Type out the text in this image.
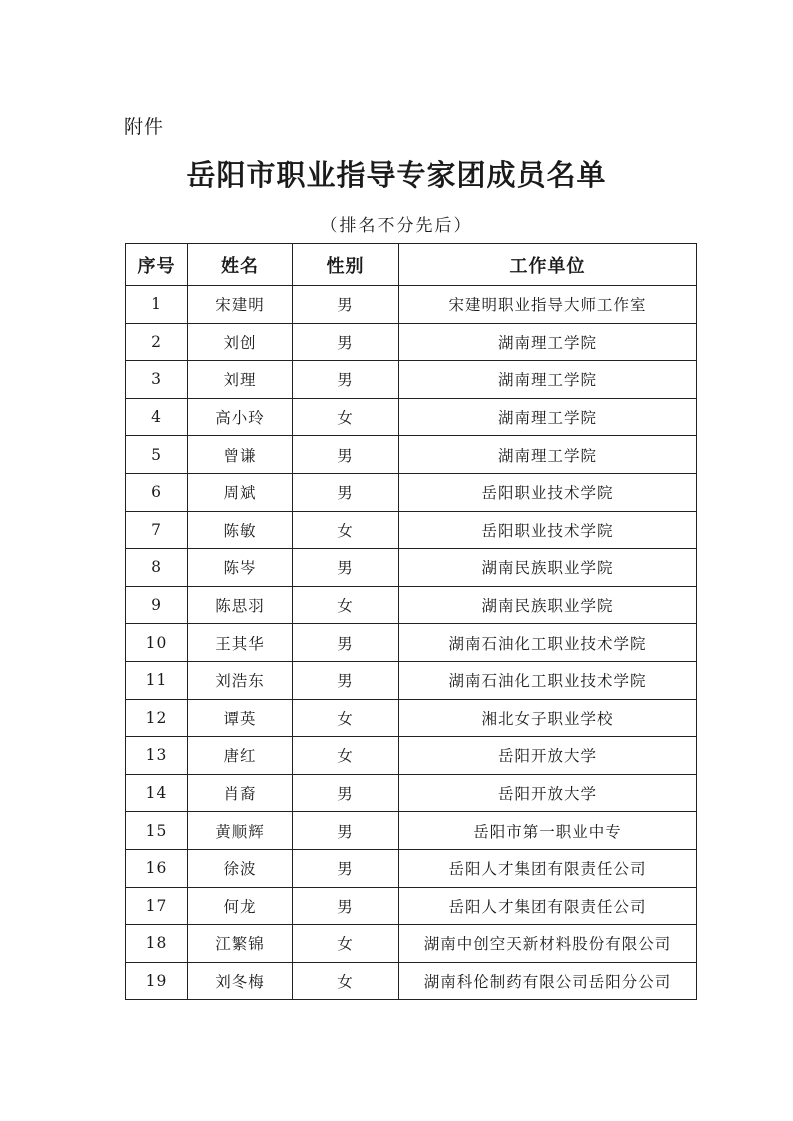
附件
岳阳市职业指导专家团成员名单
（排名不分先后）
序号	姓名	性别	工作单位
1	宋建明	男	宋建明职业指导大师工作室
2	刘创	男	湖南理工学院
3	刘理	男	湖南理工学院
4	高小玲	女	湖南理工学院
5	曾谦	男	湖南理工学院
6	周斌	男	岳阳职业技术学院
7	陈敏	女	岳阳职业技术学院
8	陈岑	男	湖南民族职业学院
9	陈思羽	女	湖南民族职业学院
10	王其华	男	湖南石油化工职业技术学院
11	刘浩东	男	湖南石油化工职业技术学院
12	谭英	女	湘北女子职业学校
13	唐红	女	岳阳开放大学
14	肖裔	男	岳阳开放大学
15	黄顺辉	男	岳阳市第一职业中专
16	徐波	男	岳阳人才集团有限责任公司
17	何龙	男	岳阳人才集团有限责任公司
18	江繁锦	女	湖南中创空天新材料股份有限公司
19	刘冬梅	女	湖南科伦制药有限公司岳阳分公司
